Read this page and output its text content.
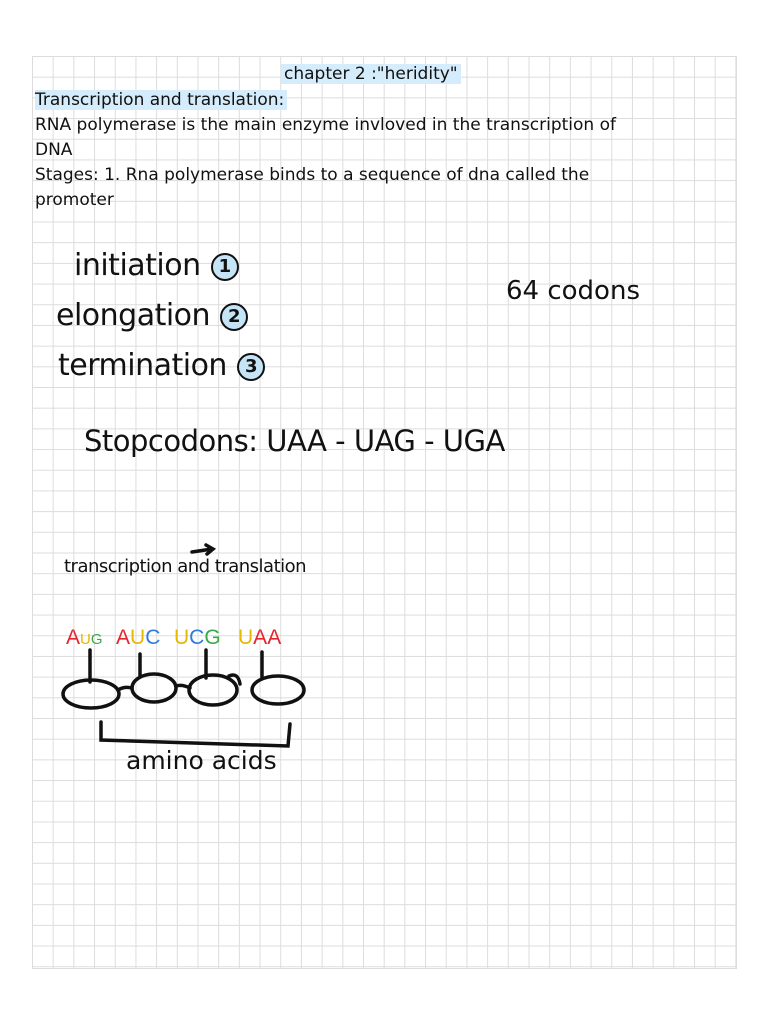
chapter 2 :"heridity"
Transcription and translation:
RNA polymerase is the main enzyme invloved in the transcription of
DNA
Stages: 1. Rna polymerase binds to a sequence of dna called the
promoter
initiation 1
elongation 2
termination 3
64 codons
Stopcodons: UAA - UAG - UGA
transcription and translation
AUG AUC UCG UAA
amino acids
